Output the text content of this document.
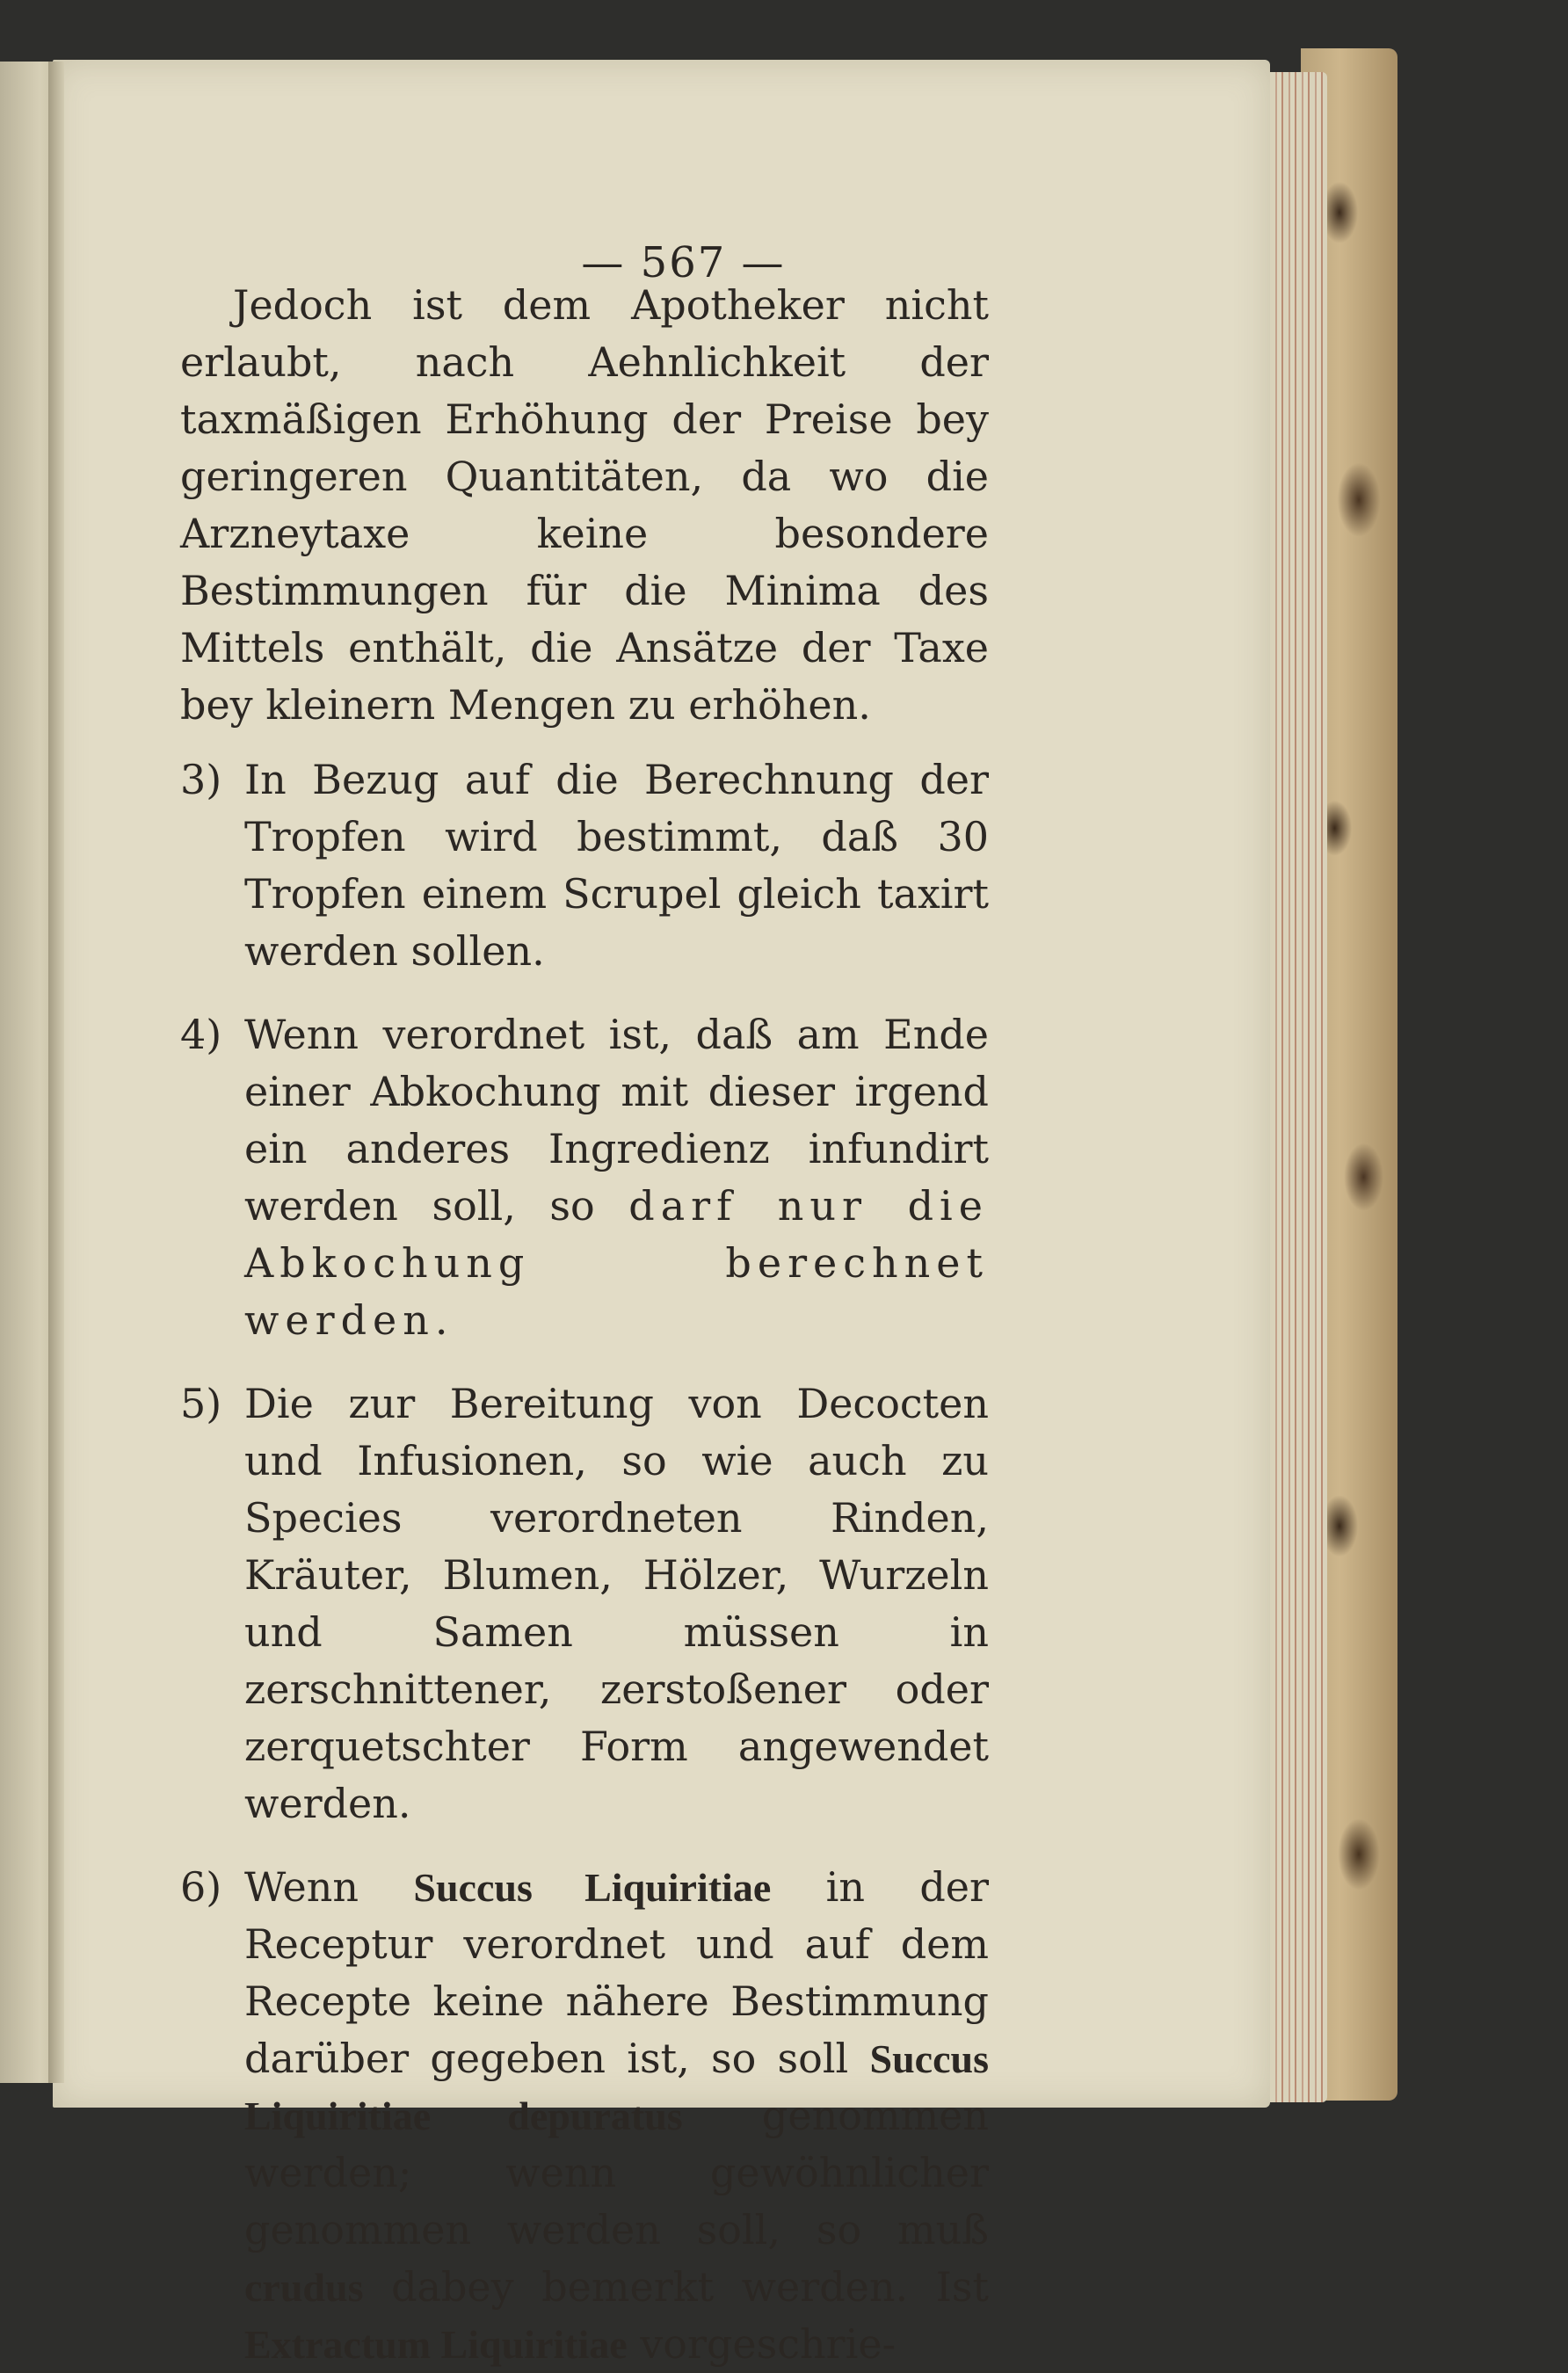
— 567 —

Jedoch ist dem Apotheker nicht erlaubt, nach Aehnlichkeit der taxmäßigen Erhöhung der Preise bey geringeren Quantitäten, da wo die Arzneytaxe keine besondere Bestimmungen für die Minima des Mittels enthält, die Ansätze der Taxe bey kleinern Mengen zu erhöhen.

3) In Bezug auf die Berechnung der Tropfen wird bestimmt, daß 30 Tropfen einem Scrupel gleich taxirt werden sollen.

4) Wenn verordnet ist, daß am Ende einer Abkochung mit dieser irgend ein anderes Ingredienz infundirt werden soll, so darf nur die Abkochung berechnet werden.

5) Die zur Bereitung von Decocten und Infusionen, so wie auch zu Species verordneten Rinden, Kräuter, Blumen, Hölzer, Wurzeln und Samen müssen in zerschnittener, zerstoßener oder zerquetschter Form angewendet werden.

6) Wenn Succus Liquiritiae in der Receptur verordnet und auf dem Recepte keine nähere Bestimmung darüber gegeben ist, so soll Succus Liquiritiae depuratus genommen werden; wenn gewöhnlicher genommen werden soll, so muß crudus dabey bemerkt werden. Ist Extractum Liquiritiae vorgeschrie-
